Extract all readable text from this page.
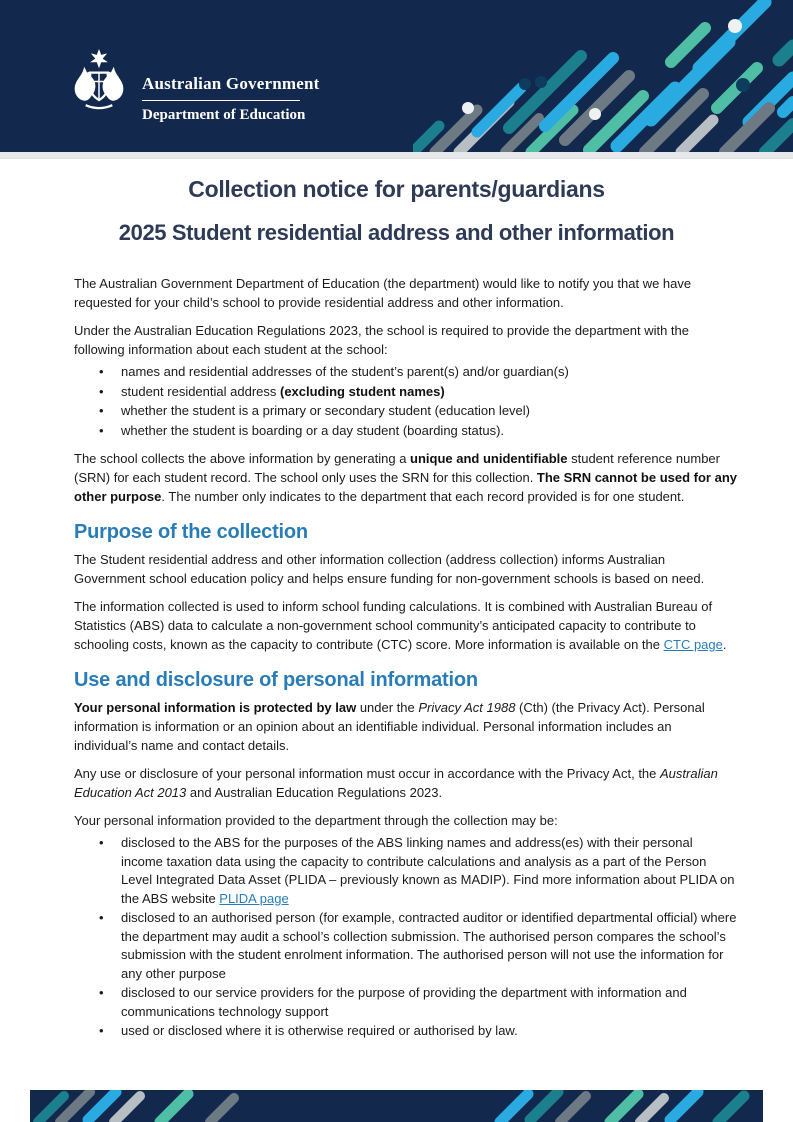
Australian Government
Department of Education
Collection notice for parents/guardians
2025 Student residential address and other information

The Australian Government Department of Education (the department) would like to notify you that we have requested for your child’s school to provide residential address and other information.

Under the Australian Education Regulations 2023, the school is required to provide the department with the following information about each student at the school:

• names and residential addresses of the student’s parent(s) and/or guardian(s)
• student residential address (excluding student names)
• whether the student is a primary or secondary student (education level)
• whether the student is boarding or a day student (boarding status).

The school collects the above information by generating a unique and unidentifiable student reference number (SRN) for each student record. The school only uses the SRN for this collection. The SRN cannot be used for any other purpose. The number only indicates to the department that each record provided is for one student.

Purpose of the collection

The Student residential address and other information collection (address collection) informs Australian Government school education policy and helps ensure funding for non-government schools is based on need.

The information collected is used to inform school funding calculations. It is combined with Australian Bureau of Statistics (ABS) data to calculate a non-government school community’s anticipated capacity to contribute to schooling costs, known as the capacity to contribute (CTC) score. More information is available on the CTC page.

Use and disclosure of personal information

Your personal information is protected by law under the Privacy Act 1988 (Cth) (the Privacy Act). Personal information is information or an opinion about an identifiable individual. Personal information includes an individual’s name and contact details.

Any use or disclosure of your personal information must occur in accordance with the Privacy Act, the Australian Education Act 2013 and Australian Education Regulations 2023.

Your personal information provided to the department through the collection may be:

• disclosed to the ABS for the purposes of the ABS linking names and address(es) with their personal income taxation data using the capacity to contribute calculations and analysis as a part of the Person Level Integrated Data Asset (PLIDA – previously known as MADIP). Find more information about PLIDA on the ABS website PLIDA page
• disclosed to an authorised person (for example, contracted auditor or identified departmental official) where the department may audit a school’s collection submission. The authorised person compares the school’s submission with the student enrolment information. The authorised person will not use the information for any other purpose
• disclosed to our service providers for the purpose of providing the department with information and communications technology support
• used or disclosed where it is otherwise required or authorised by law.
